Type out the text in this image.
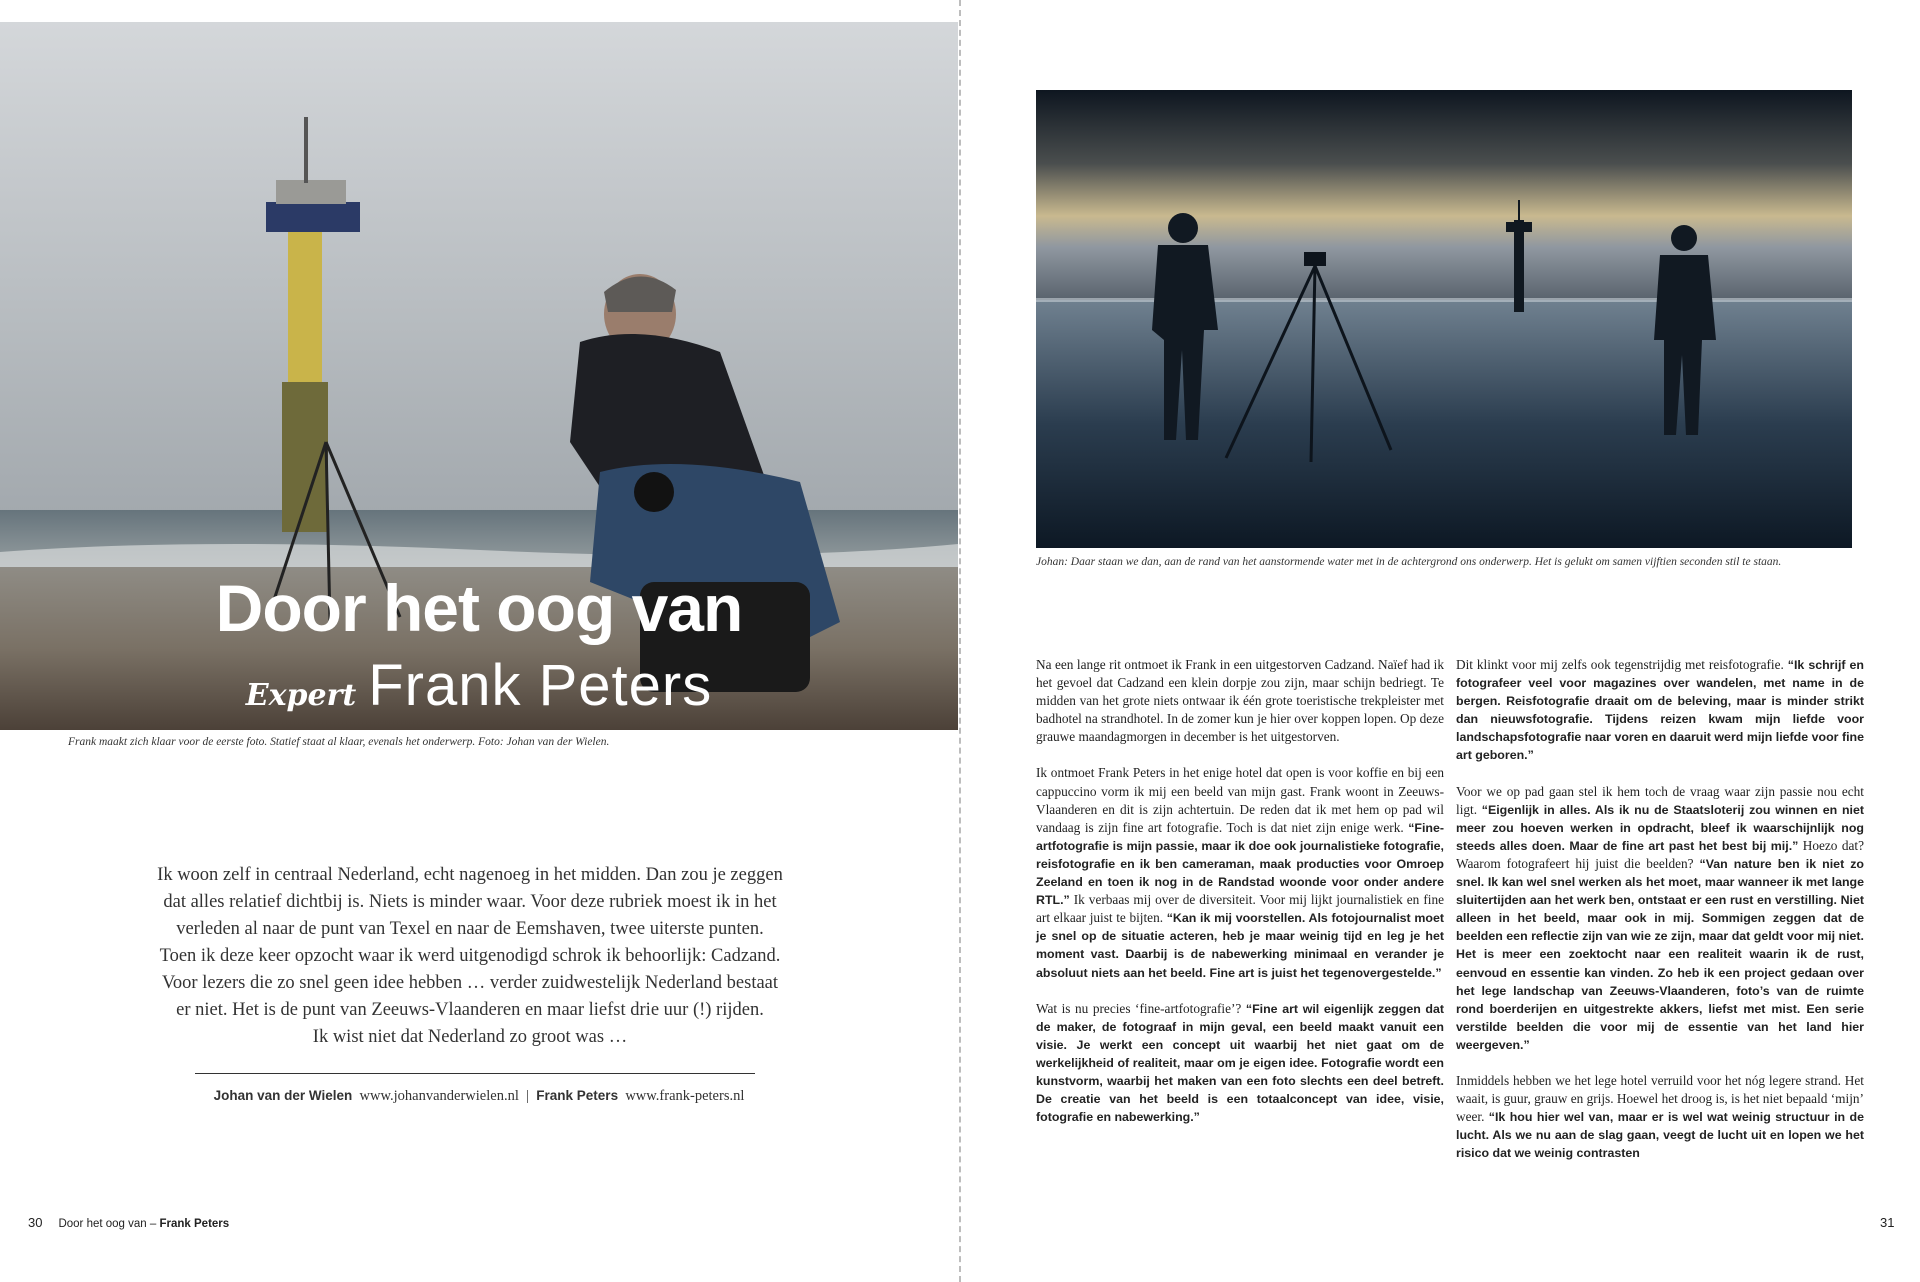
Door het oog van
Expert Frank Peters
Frank maakt zich klaar voor de eerste foto. Statief staat al klaar, evenals het onderwerp. Foto: Johan van der Wielen.
Ik woon zelf in centraal Nederland, echt nagenoeg in het midden. Dan zou je zeggen
dat alles relatief dichtbij is. Niets is minder waar. Voor deze rubriek moest ik in het
verleden al naar de punt van Texel en naar de Eemshaven, twee uiterste punten.
Toen ik deze keer opzocht waar ik werd uitgenodigd schrok ik behoorlijk: Cadzand.
Voor lezers die zo snel geen idee hebben … verder zuidwestelijk Nederland bestaat
er niet. Het is de punt van Zeeuws-Vlaanderen en maar liefst drie uur (!) rijden.
Ik wist niet dat Nederland zo groot was …
Johan van der Wielen www.johanvanderwielen.nl | Frank Peters www.frank-peters.nl
30 Door het oog van – Frank Peters
Johan: Daar staan we dan, aan de rand van het aanstormende water met in de achtergrond ons onderwerp. Het is gelukt om samen vijftien seconden stil te staan.

Na een lange rit ontmoet ik Frank in een uitgestorven Cadzand. Naïef had ik het gevoel dat Cadzand een klein dorpje zou zijn, maar schijn bedriegt. Te midden van het grote niets ontwaar ik één grote toeristische trekpleister met badhotel na strandhotel. In de zomer kun je hier over koppen lopen. Op deze grauwe maandagmorgen in december is het uitgestorven.

Ik ontmoet Frank Peters in het enige hotel dat open is voor koffie en bij een cappuccino vorm ik mij een beeld van mijn gast. Frank woont in Zeeuws-Vlaanderen en dit is zijn achtertuin. De reden dat ik met hem op pad wil vandaag is zijn fine art fotografie. Toch is dat niet zijn enige werk. “Fine-artfotografie is mijn passie, maar ik doe ook journalistieke fotografie, reisfotografie en ik ben cameraman, maak producties voor Omroep Zeeland en toen ik nog in de Randstad woonde voor onder andere RTL.” Ik verbaas mij over de diversiteit. Voor mij lijkt journalistiek en fine art elkaar juist te bijten. “Kan ik mij voorstellen. Als fotojournalist moet je snel op de situatie acteren, heb je maar weinig tijd en leg je het moment vast. Daarbij is de nabewerking minimaal en verander je absoluut niets aan het beeld. Fine art is juist het tegenovergestelde.”

Wat is nu precies ‘fine-artfotografie’? “Fine art wil eigenlijk zeggen dat de maker, de fotograaf in mijn geval, een beeld maakt vanuit een visie. Je werkt een concept uit waarbij het niet gaat om de werkelijkheid of realiteit, maar om je eigen idee. Fotografie wordt een kunstvorm, waarbij het maken van een foto slechts een deel betreft. De creatie van het beeld is een totaalconcept van idee, visie, fotografie en nabewerking.”

Dit klinkt voor mij zelfs ook tegenstrijdig met reisfotografie. “Ik schrijf en fotografeer veel voor magazines over wandelen, met name in de bergen. Reisfotografie draait om de beleving, maar is minder strikt dan nieuwsfotografie. Tijdens reizen kwam mijn liefde voor landschapsfotografie naar voren en daaruit werd mijn liefde voor fine art geboren.”

Voor we op pad gaan stel ik hem toch de vraag waar zijn passie nou echt ligt. “Eigenlijk in alles. Als ik nu de Staatsloterij zou winnen en niet meer zou hoeven werken in opdracht, bleef ik waarschijnlijk nog steeds alles doen. Maar de fine art past het best bij mij.” Hoezo dat? Waarom fotografeert hij juist die beelden? “Van nature ben ik niet zo snel. Ik kan wel snel werken als het moet, maar wanneer ik met lange sluitertijden aan het werk ben, ontstaat er een rust en verstilling. Niet alleen in het beeld, maar ook in mij. Sommigen zeggen dat de beelden een reflectie zijn van wie ze zijn, maar dat geldt voor mij niet. Het is meer een zoektocht naar een realiteit waarin ik de rust, eenvoud en essentie kan vinden. Zo heb ik een project gedaan over het lege landschap van Zeeuws-Vlaanderen, foto’s van de ruimte rond boerderijen en uitgestrekte akkers, liefst met mist. Een serie verstilde beelden die voor mij de essentie van het land hier weergeven.”

Inmiddels hebben we het lege hotel verruild voor het nóg legere strand. Het waait, is guur, grauw en grijs. Hoewel het droog is, is het niet bepaald ‘mijn’ weer. “Ik hou hier wel van, maar er is wel wat weinig structuur in de lucht. Als we nu aan de slag gaan, veegt de lucht uit en lopen we het risico dat we weinig contrasten

31
